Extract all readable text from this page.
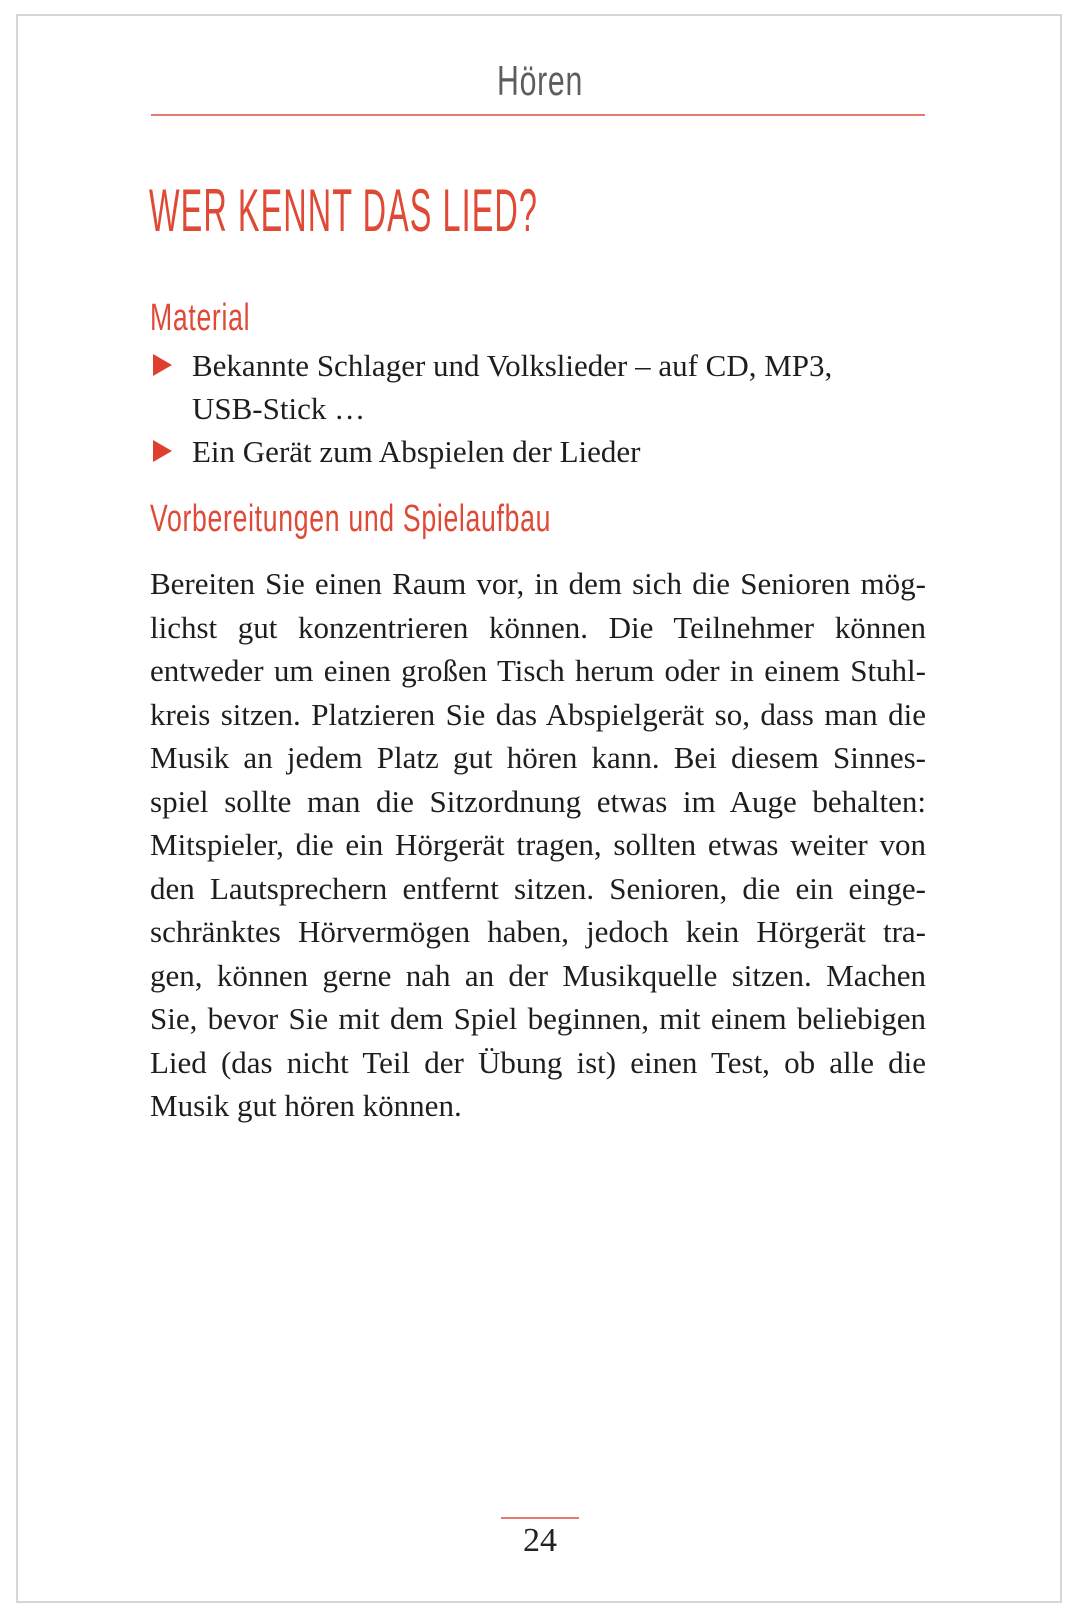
Hören
WER KENNT DAS LIED?
Material
Bekannte Schlager und Volkslieder – auf CD, MP3,
USB-Stick …
Ein Gerät zum Abspielen der Lieder
Vorbereitungen und Spielaufbau
Bereiten Sie einen Raum vor, in dem sich die Senioren mög-
lichst gut konzentrieren können. Die Teilnehmer können
entweder um einen großen Tisch herum oder in einem Stuhl-
kreis sitzen. Platzieren Sie das Abspielgerät so, dass man die
Musik an jedem Platz gut hören kann. Bei diesem Sinnes-
spiel sollte man die Sitzordnung etwas im Auge behalten:
Mitspieler, die ein Hörgerät tragen, sollten etwas weiter von
den Lautsprechern entfernt sitzen. Senioren, die ein einge-
schränktes Hörvermögen haben, jedoch kein Hörgerät tra-
gen, können gerne nah an der Musikquelle sitzen. Machen
Sie, bevor Sie mit dem Spiel beginnen, mit einem beliebigen
Lied (das nicht Teil der Übung ist) einen Test, ob alle die
Musik gut hören können.
24
